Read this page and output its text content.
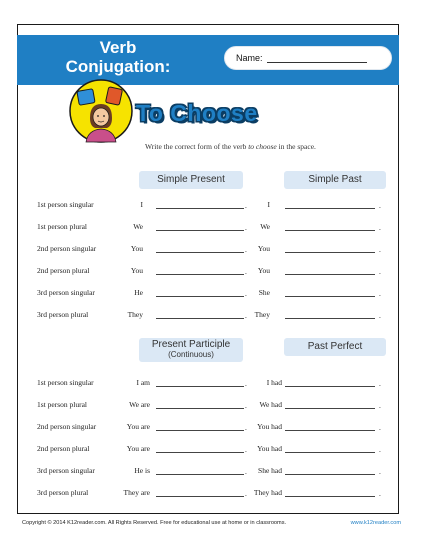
Verb
Conjugation:	Name:
To Choose
Write the correct form of the verb to choose in the space.
Simple Present	Simple Past
Present Participle
(Continuous)
Past Perfect
1st person singular	I	.	I	.
1st person plural	We	. We	.
2nd person singular	You	. You	.
2nd person plural	You	. You	.
3rd person singular	He	. She	.
3rd person plural	They	. They	.
1st person singular	I am	.	I had	.
1st person plural	We are	. We had	.
2nd person singular	You are	. You had	.
2nd person plural	You are	. You had	.
3rd person singular	He is	. She had	.
3rd person plural	They are	. They had	.
Copyright © 2014 K12reader.com. All Rights Reserved. Free for educational use at home or in classrooms.	www.k12reader.com
